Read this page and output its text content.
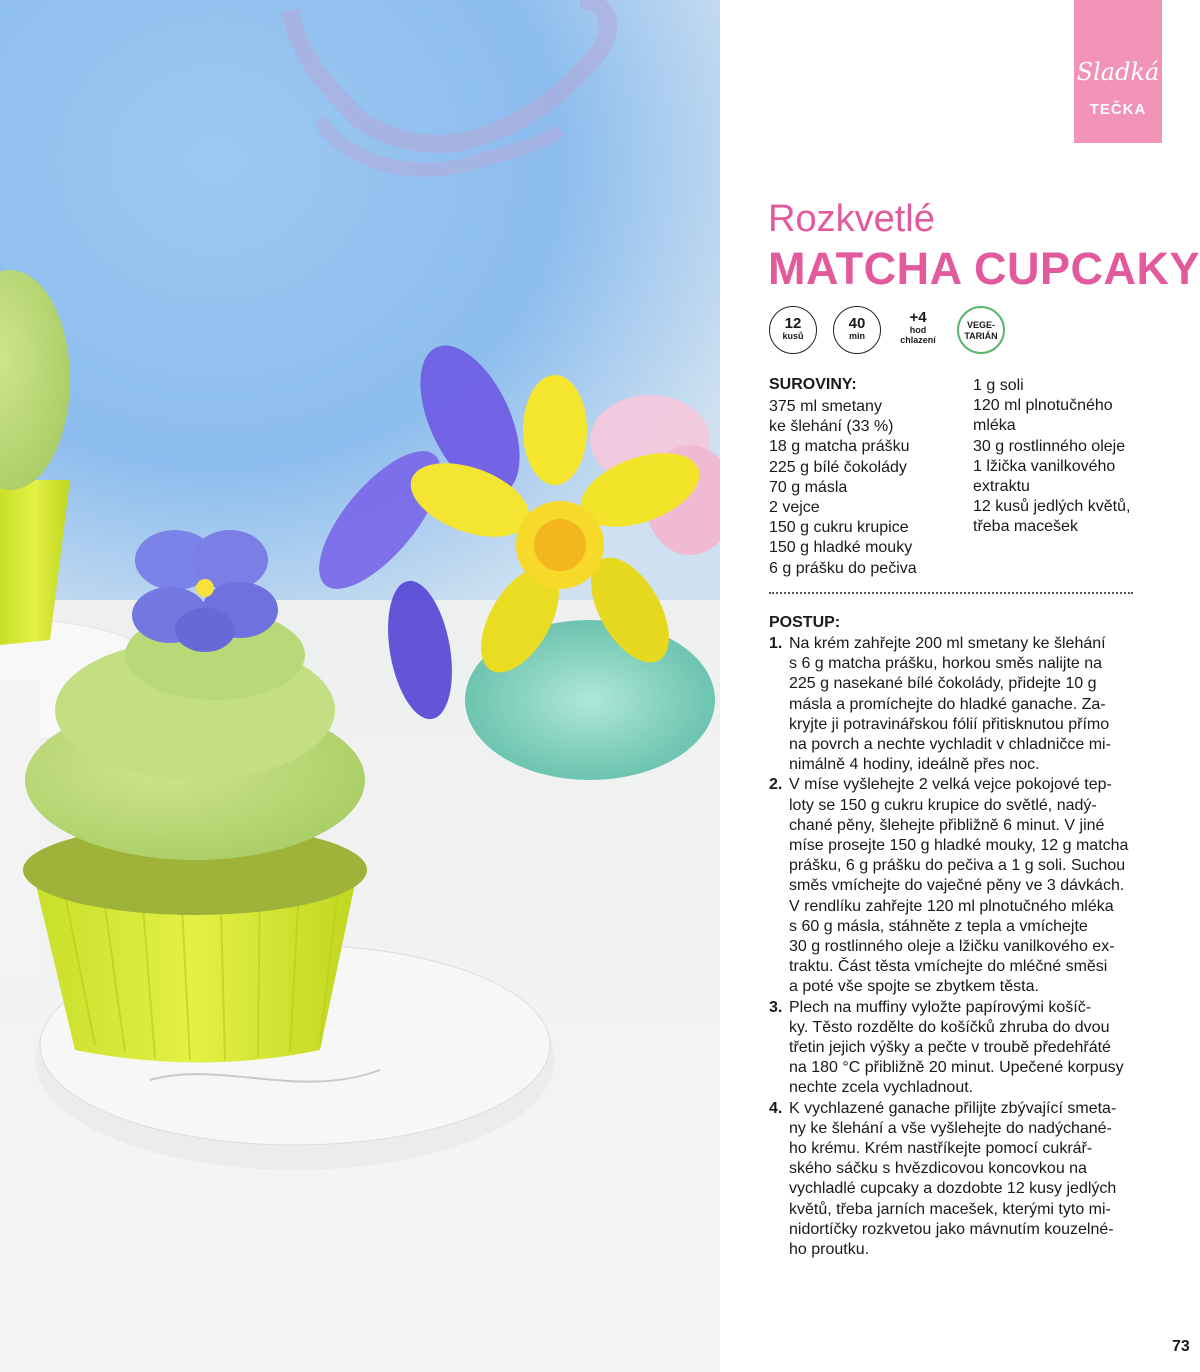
Sladká
TEČKA
Rozkvetlé
MATCHA CUPCAKY
12
kusů
40
min
+4
hod
chlazení
VEGE-
TARIÁN
SUROVINY:
375 ml smetany
ke šlehání (33 %)
18 g matcha prášku
225 g bílé čokolády
70 g másla
2 vejce
150 g cukru krupice
150 g hladké mouky
6 g prášku do pečiva
1 g soli
120 ml plnotučného
mléka
30 g rostlinného oleje
1 lžička vanilkového
extraktu
12 kusů jedlých květů,
třeba macešek
POSTUP:
1. Na krém zahřejte 200 ml smetany ke šlehání
s 6 g matcha prášku, horkou směs nalijte na
225 g nasekané bílé čokolády, přidejte 10 g
másla a promíchejte do hladké ganache. Za-
kryjte ji potravinářskou fólií přitisknutou přímo
na povrch a nechte vychladit v chladničce mi-
nimálně 4 hodiny, ideálně přes noc.
2. V míse vyšlehejte 2 velká vejce pokojové tep-
loty se 150 g cukru krupice do světlé, nadý-
chané pěny, šlehejte přibližně 6 minut. V jiné
míse prosejte 150 g hladké mouky, 12 g matcha
prášku, 6 g prášku do pečiva a 1 g soli. Suchou
směs vmíchejte do vaječné pěny ve 3 dávkách.
V rendlíku zahřejte 120 ml plnotučného mléka
s 60 g másla, stáhněte z tepla a vmíchejte
30 g rostlinného oleje a lžičku vanilkového ex-
traktu. Část těsta vmíchejte do mléčné směsi
a poté vše spojte se zbytkem těsta.
3. Plech na muffiny vyložte papírovými košíč-
ky. Těsto rozdělte do košíčků zhruba do dvou
třetin jejich výšky a pečte v troubě předehřáté
na 180 °C přibližně 20 minut. Upečené korpusy
nechte zcela vychladnout.
4. K vychlazené ganache přilijte zbývající smeta-
ny ke šlehání a vše vyšlehejte do nadýchané-
ho krému. Krém nastříkejte pomocí cukrář-
ského sáčku s hvězdicovou koncovkou na
vychladlé cupcaky a dozdobte 12 kusy jedlých
květů, třeba jarních macešek, kterými tyto mi-
nidortíčky rozkvetou jako mávnutím kouzelné-
ho proutku.
73
